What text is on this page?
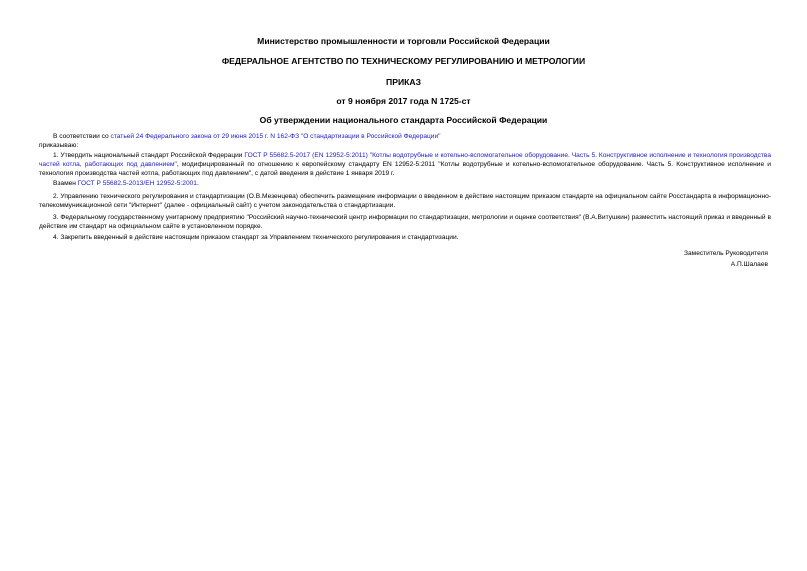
Министерство промышленности и торговли Российской Федерации
ФЕДЕРАЛЬНОЕ АГЕНТСТВО ПО ТЕХНИЧЕСКОМУ РЕГУЛИРОВАНИЮ И МЕТРОЛОГИИ
ПРИКАЗ
от 9 ноября 2017 года N 1725-ст
Об утверждении национального стандарта Российской Федерации

В соответствии со статьей 24 Федерального закона от 29 июня 2015 г. N 162-ФЗ "О стандартизации в Российской Федерации"

приказываю:

1. Утвердить национальный стандарт Российской Федерации ГОСТ Р 55682.5-2017 (EN 12952-5:2011) "Котлы водотрубные и котельно-вспомогательное оборудование. Часть 5. Конструктивное исполнение и технология производства частей котла, работающих под давлением", модифицированный по отношению к европейскому стандарту EN 12952-5:2011 "Котлы водотрубные и котельно-вспомогательное оборудование. Часть 5. Конструктивное исполнение и технология производства частей котла, работающих под давлением", с датой введения в действие 1 января 2019 г.

Взамен ГОСТ Р 55682.5-2013/EH 12952-5:2001.

2. Управлению технического регулирования и стандартизации (О.В.Мезенцева) обеспечить размещение информации о введенном в действие настоящим приказом стандарте на официальном сайте Росстандарта в информационно-телекоммуникационной сети "Интернет" (далее - официальный сайт) с учетом законодательства о стандартизации.

3. Федеральному государственному унитарному предприятию "Российский научно-технический центр информации по стандартизации, метрологии и оценке соответствия" (В.А.Витушкин) разместить настоящий приказ и введенный в действие им стандарт на официальном сайте в установленном порядке.

4. Закрепить введенный в действие настоящим приказом стандарт за Управлением технического регулирования и стандартизации.

Заместитель Руководителя
А.П.Шалаев
